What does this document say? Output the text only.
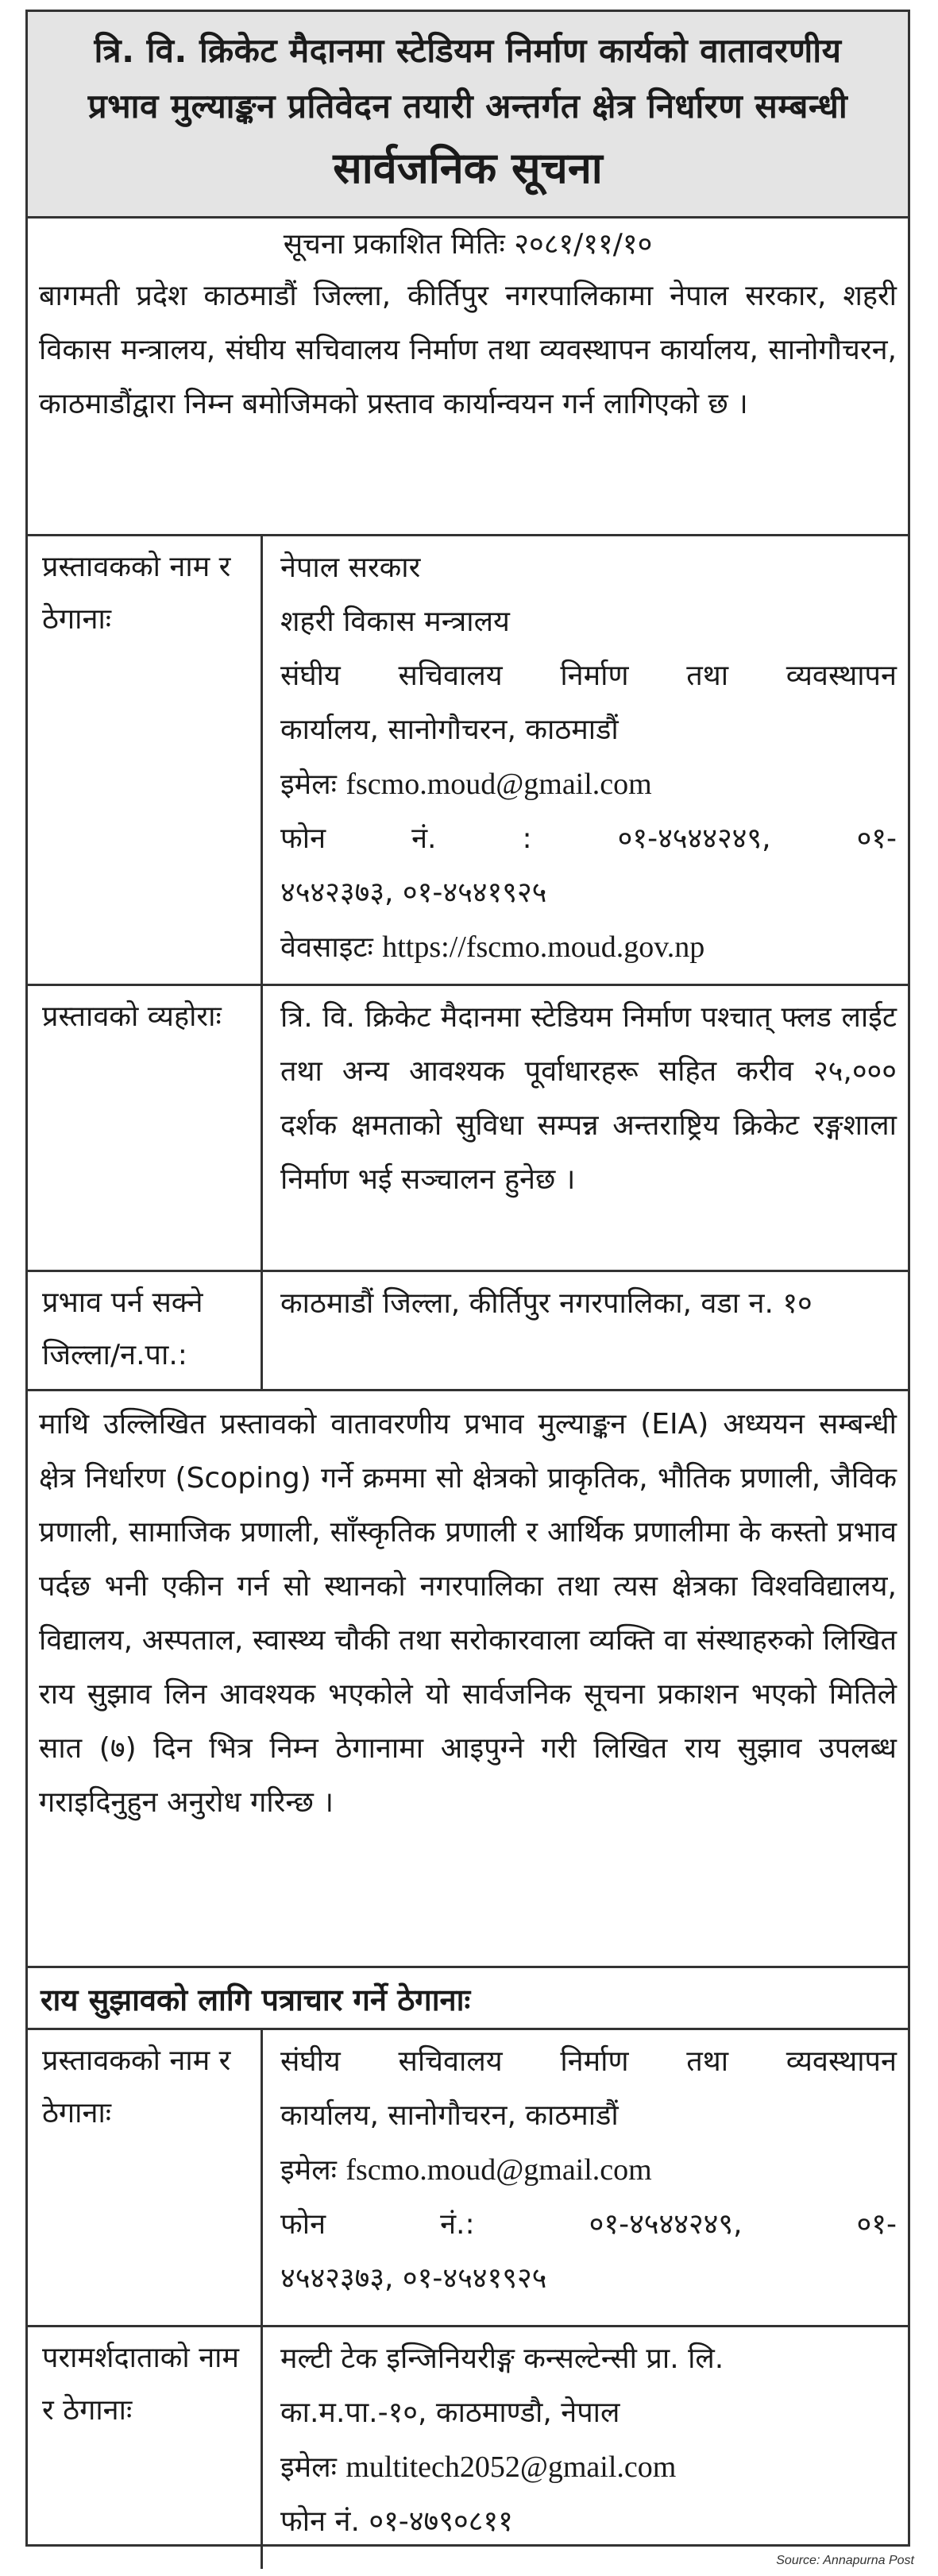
त्रि. वि. क्रिकेट मैदानमा स्टेडियम निर्माण कार्यको वातावरणीय
प्रभाव मुल्याङ्कन प्रतिवेदन तयारी अन्तर्गत क्षेत्र निर्धारण सम्बन्धी
सार्वजनिक सूचना
सूचना प्रकाशित मितिः २०८१/११/१०
बागमती प्रदेश काठमाडौं जिल्ला, कीर्तिपुर नगरपालिकामा नेपाल सरकार, शहरी विकास मन्त्रालय, संघीय सचिवालय निर्माण तथा व्यवस्थापन कार्यालय, सानोगौचरन, काठमाडौंद्वारा निम्न बमोजिमको प्रस्ताव कार्यान्वयन गर्न लागिएको छ ।
प्रस्तावकको नाम र ठेगानाः
नेपाल सरकार
शहरी विकास मन्त्रालय
संघीय सचिवालय निर्माण तथा व्यवस्थापन
कार्यालय, सानोगौचरन, काठमाडौं
इमेलः fscmo.moud@gmail.com
फोन नं. : ०१-४५४४२४९, ०१-
४५४२३७३, ०१-४५४१९२५
वेवसाइटः https://fscmo.moud.gov.np
प्रस्तावको व्यहोराः	त्रि. वि. क्रिकेट मैदानमा स्टेडियम निर्माण पश्चात् फ्लड लाईट तथा अन्य आवश्यक पूर्वाधारहरू सहित करीव २५,००० दर्शक क्षमताको सुविधा सम्पन्न अन्तराष्ट्रिय क्रिकेट रङ्गशाला निर्माण भई सञ्चालन हुनेछ ।
प्रभाव पर्न सक्ने जिल्ला/न.पा.:
काठमाडौं जिल्ला, कीर्तिपुर नगरपालिका, वडा न. १०
माथि उल्लिखित प्रस्तावको वातावरणीय प्रभाव मुल्याङ्कन (EIA) अध्ययन सम्बन्धी क्षेत्र निर्धारण (Scoping) गर्ने क्रममा सो क्षेत्रको प्राकृतिक, भौतिक प्रणाली, जैविक प्रणाली, सामाजिक प्रणाली, साँस्कृतिक प्रणाली र आर्थिक प्रणालीमा के कस्तो प्रभाव पर्दछ भनी एकीन गर्न सो स्थानको नगरपालिका तथा त्यस क्षेत्रका विश्वविद्यालय, विद्यालय, अस्पताल, स्वास्थ्य चौकी तथा सरोकारवाला व्यक्ति वा संस्थाहरुको लिखित राय सुझाव लिन आवश्यक भएकोले यो सार्वजनिक सूचना प्रकाशन भएको मितिले सात (७) दिन भित्र निम्न ठेगानामा आइपुग्ने गरी लिखित राय सुझाव उपलब्ध गराइदिनुहुन अनुरोध गरिन्छ ।
राय सुझावको लागि पत्राचार गर्ने ठेगानाः
प्रस्तावकको नाम र ठेगानाः
संघीय सचिवालय निर्माण तथा व्यवस्थापन
कार्यालय, सानोगौचरन, काठमाडौं
इमेलः fscmo.moud@gmail.com
फोन नं.: ०१-४५४४२४९, ०१-
४५४२३७३, ०१-४५४१९२५
परामर्शदाताको नाम र ठेगानाः
मल्टी टेक इन्जिनियरीङ्ग कन्सल्टेन्सी प्रा. लि.
का.म.पा.-१०, काठमाण्डौ, नेपाल
इमेलः multitech2052@gmail.com
फोन नं. ०१-४७९०८११
Source: Annapurna Post
